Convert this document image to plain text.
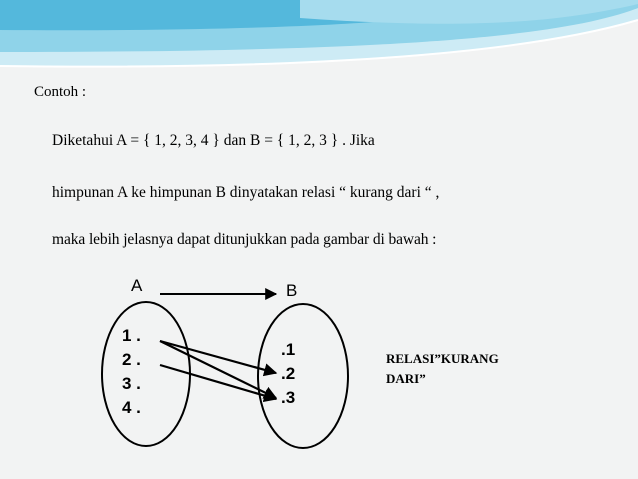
Contoh :
Diketahui A = { 1, 2, 3, 4 } dan B = { 1, 2, 3 } . Jika
himpunan A ke himpunan B dinyatakan relasi “ kurang dari “ ,
maka lebih jelasnya dapat ditunjukkan pada gambar di bawah :
A	B
1 .
2 .
3 .
4 .
.1
.2
.3
RELASI”KURANG
DARI”
